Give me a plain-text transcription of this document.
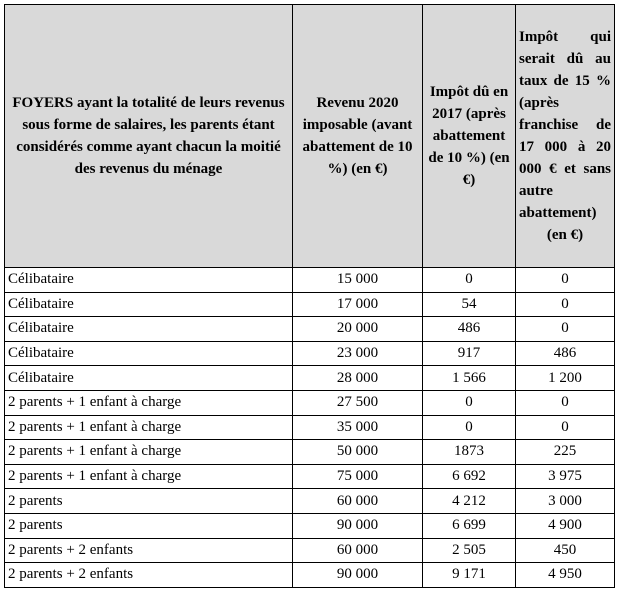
FOYERS ayant la totalité de leurs revenus sous forme de salaires, les parents étant considérés comme ayant chacun la moitié des revenus du ménage	Revenu 2020 imposable (avant abattement de 10 %) (en €)	Impôt dû en 2017 (après abattement de 10 %) (en €)	Impôt qui serait dû au taux de 15 % (après franchise de 17 000 à 20 000 € et sans autre abattement) (en €)
Célibataire	15 000	0	0
Célibataire	17 000	54	0
Célibataire	20 000	486	0
Célibataire	23 000	917	486
Célibataire	28 000	1 566	1 200
2 parents + 1 enfant à charge	27 500	0	0
2 parents + 1 enfant à charge	35 000	0	0
2 parents + 1 enfant à charge	50 000	1873	225
2 parents + 1 enfant à charge	75 000	6 692	3 975
2 parents	60 000	4 212	3 000
2 parents	90 000	6 699	4 900
2 parents + 2 enfants	60 000	2 505	450
2 parents + 2 enfants	90 000	9 171	4 950
